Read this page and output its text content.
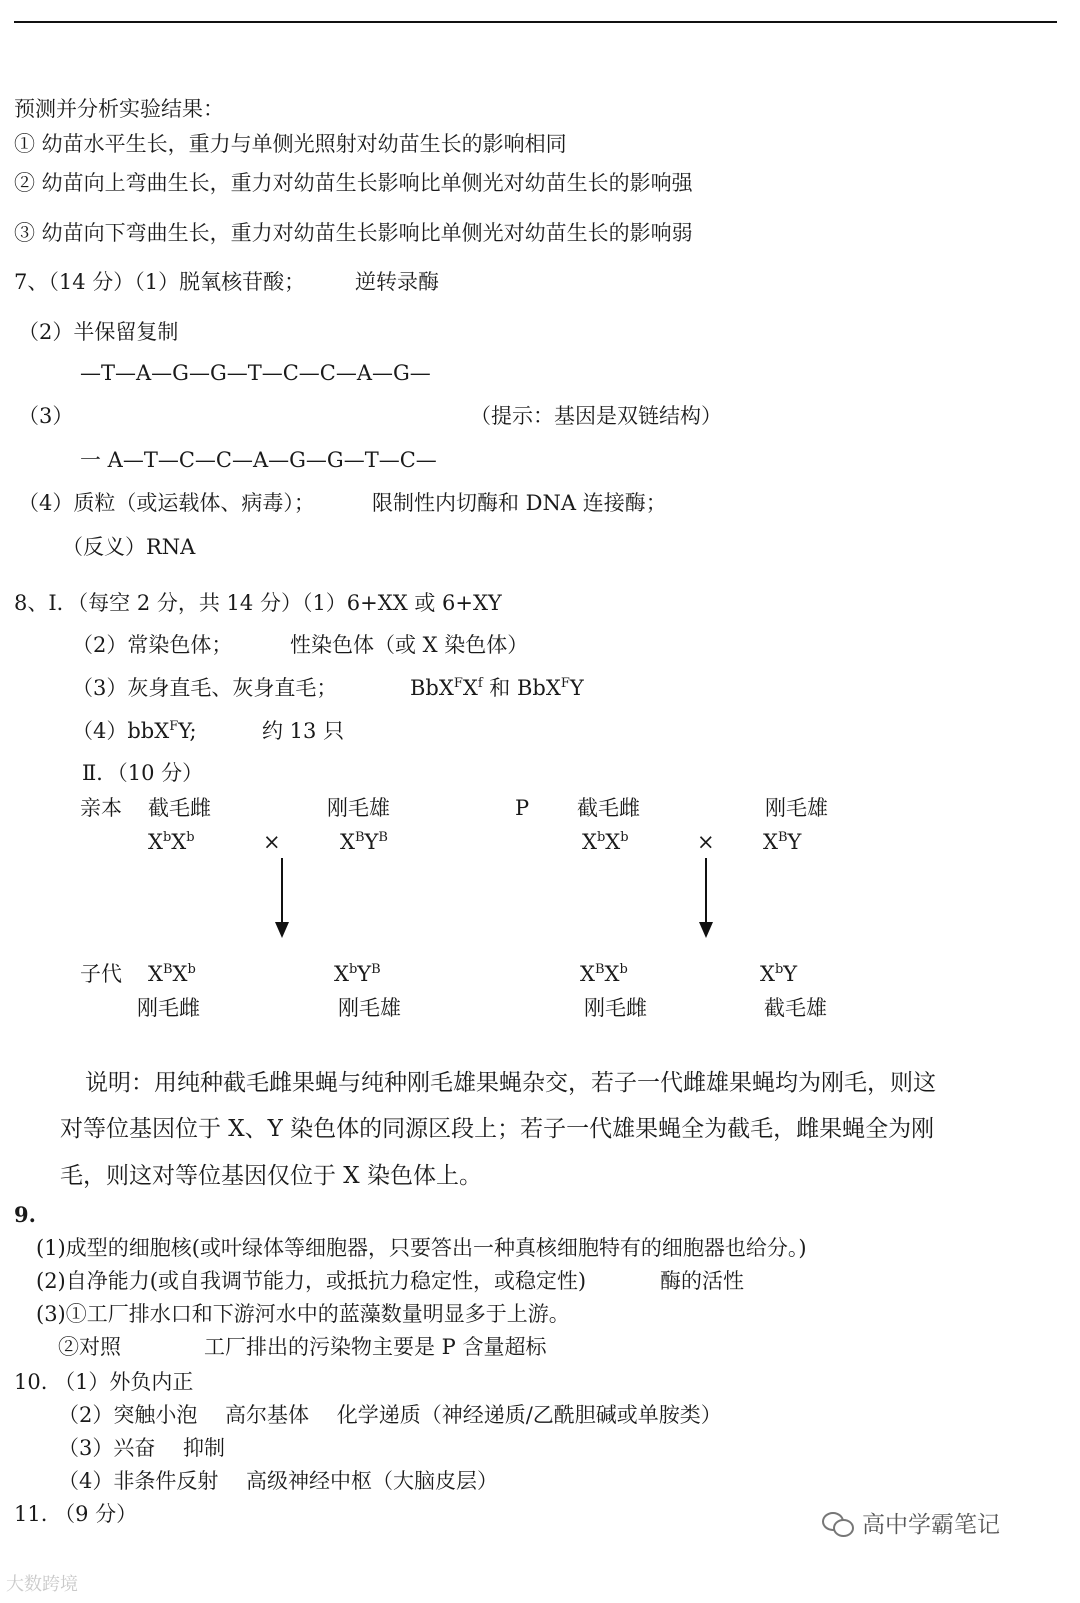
预测并分析实验结果：
① 幼苗水平生长，重力与单侧光照射对幼苗生长的影响相同
② 幼苗向上弯曲生长，重力对幼苗生长影响比单侧光对幼苗生长的影响强
③ 幼苗向下弯曲生长，重力对幼苗生长影响比单侧光对幼苗生长的影响弱
7、（14 分）（1）脱氧核苷酸； 逆转录酶
（2）半保留复制
—T—A—G—G—T—C—C—A—G—
（3）	（提示：基因是双链结构）
一 A—T—C—C—A—G—G—T—C—
（4）质粒（或运载体、病毒）；	限制性内切酶和 DNA 连接酶；
（反义）RNA
8、Ⅰ．（每空 2 分，共 14 分）（1）6+XX 或 6+XY
（2）常染色体；	性染色体（或 X 染色体）
（3）灰身直毛、灰身直毛；	$BbX^FX^f$ 和 BbX$^F$Y
（4）bbX$^F$Y;	约 13 只
Ⅱ．（10 分）
亲本 截毛雌	刚毛雄
$X^bX^b$	×	$X^BY^B$
子代 $X^BX^b$	$X^bY^B$
刚毛雌	刚毛雄
P 截毛雌	刚毛雄
$X^bX^b$	× $X^BY$
$X^BX^b$	$X^bY$
刚毛雌	截毛雄
说明：用纯种截毛雌果蝇与纯种刚毛雄果蝇杂交，若子一代雌雄果蝇均为刚毛，则这
对等位基因位于 X、Y 染色体的同源区段上；若子一代雄果蝇全为截毛，雌果蝇全为刚
毛，则这对等位基因仅位于 X 染色体上。
9.
(1)成型的细胞核(或叶绿体等细胞器，只要答出一种真核细胞特有的细胞器也给分。)
(2)自净能力(或自我调节能力，或抵抗力稳定性，或稳定性)	酶的活性
(3)①工厂排水口和下游河水中的蓝藻数量明显多于上游。
②对照	工厂排出的污染物主要是 P 含量超标
10. （1）外负内正
（2）突触小泡　 高尔基体　 化学递质（神经递质/乙酰胆碱或单胺类）
（3）兴奋　 抑制
（4）非条件反射　 高级神经中枢（大脑皮层）
11. （9 分）
大数跨境
高中学霸笔记
